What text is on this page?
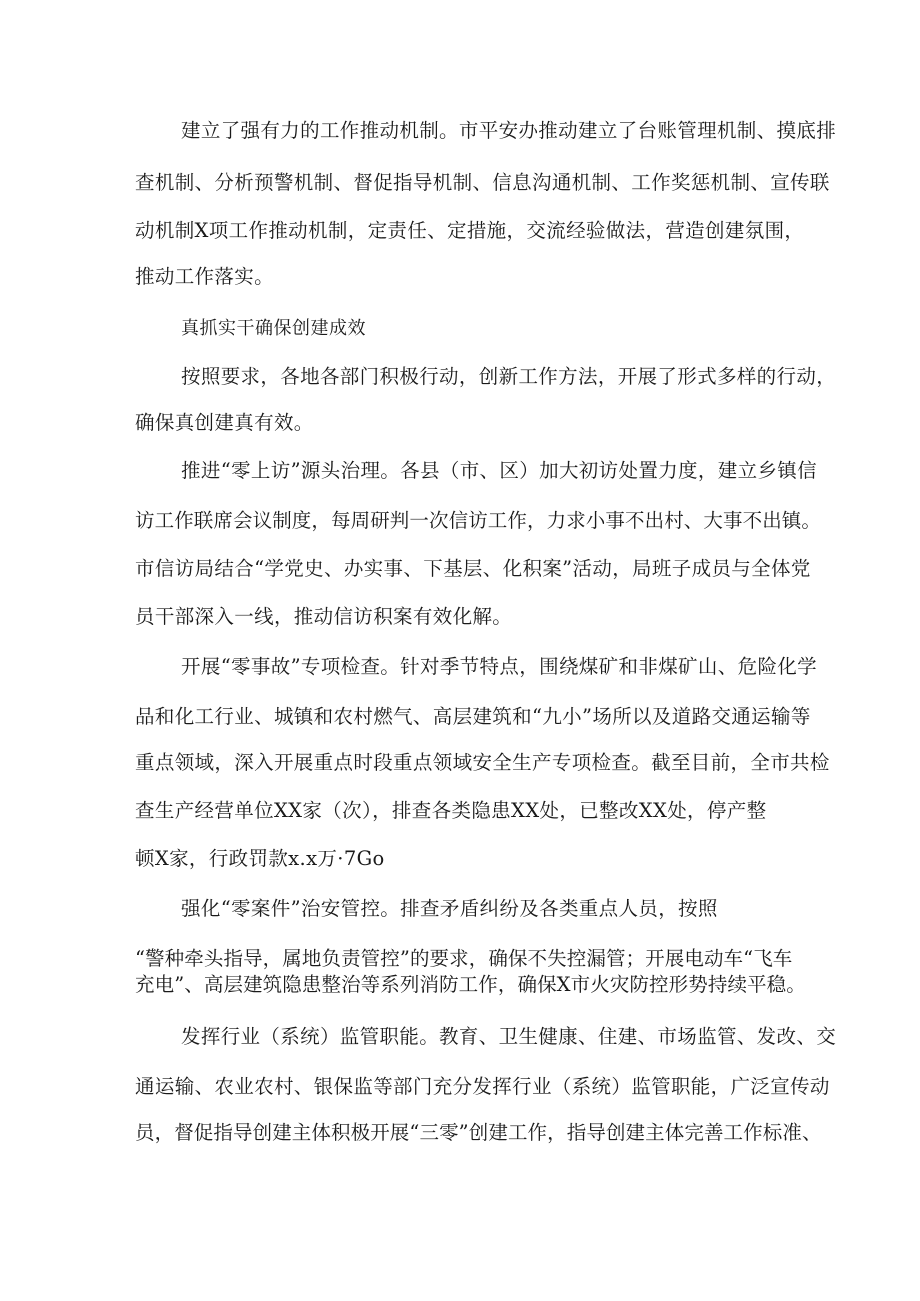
建立了强有力的工作推动机制。市平安办推动建立了台账管理机制、摸底排
查机制、分析预警机制、督促指导机制、信息沟通机制、工作奖惩机制、宣传联
动机制X项工作推动机制，定责任、定措施，交流经验做法，营造创建氛围，
推动工作落实。
真抓实干确保创建成效
按照要求，各地各部门积极行动，创新工作方法，开展了形式多样的行动，
确保真创建真有效。
推进“零上访”源头治理。各县（市、区）加大初访处置力度，建立乡镇信
访工作联席会议制度，每周研判一次信访工作，力求小事不出村、大事不出镇。
市信访局结合“学党史、办实事、下基层、化积案”活动，局班子成员与全体党
员干部深入一线，推动信访积案有效化解。
开展“零事故”专项检查。针对季节特点，围绕煤矿和非煤矿山、危险化学
品和化工行业、城镇和农村燃气、高层建筑和“九小”场所以及道路交通运输等
重点领域，深入开展重点时段重点领域安全生产专项检查。截至目前，全市共检
查生产经营单位XX家（次），排查各类隐患XX处，已整改XX处，停产整
顿X家，行政罚款x.x万·7Go
强化“零案件”治安管控。排查矛盾纠纷及各类重点人员，按照
“警种牵头指导，属地负责管控”的要求，确保不失控漏管；开展电动车“飞车
充电”、高层建筑隐患整治等系列消防工作，确保X市火灾防控形势持续平稳。
发挥行业（系统）监管职能。教育、卫生健康、住建、市场监管、发改、交
通运输、农业农村、银保监等部门充分发挥行业（系统）监管职能，广泛宣传动
员，督促指导创建主体积极开展“三零”创建工作，指导创建主体完善工作标准、
